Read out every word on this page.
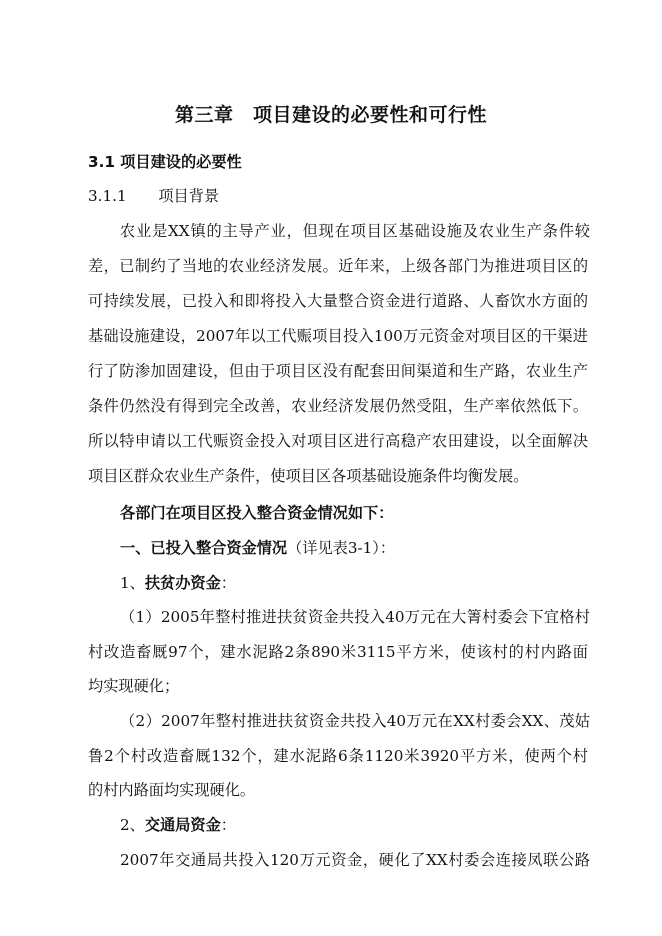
第三章　项目建设的必要性和可行性
3.1 项目建设的必要性
3.1.1 项目背景
农业是XX镇的主导产业，但现在项目区基础设施及农业生产条件较
差，已制约了当地的农业经济发展。近年来，上级各部门为推进项目区的
可持续发展，已投入和即将投入大量整合资金进行道路、人畜饮水方面的
基础设施建设，2007年以工代赈项目投入100万元资金对项目区的干渠进
行了防渗加固建设，但由于项目区没有配套田间渠道和生产路，农业生产
条件仍然没有得到完全改善，农业经济发展仍然受阻，生产率依然低下。
所以特申请以工代赈资金投入对项目区进行高稳产农田建设，以全面解决
项目区群众农业生产条件，使项目区各项基础设施条件均衡发展。
各部门在项目区投入整合资金情况如下：
一、已投入整合资金情况（详见表3-1）：
1、扶贫办资金：
（1）2005年整村推进扶贫资金共投入40万元在大箐村委会下宜格村
村改造畜厩97个，建水泥路2条890米3115平方米，使该村的村内路面
均实现硬化；
（2）2007年整村推进扶贫资金共投入40万元在XX村委会XX、茂姑
鲁2个村改造畜厩132个，建水泥路6条1120米3920平方米，使两个村
的村内路面均实现硬化。
2、交通局资金：
2007年交通局共投入120万元资金，硬化了XX村委会连接凤联公路
